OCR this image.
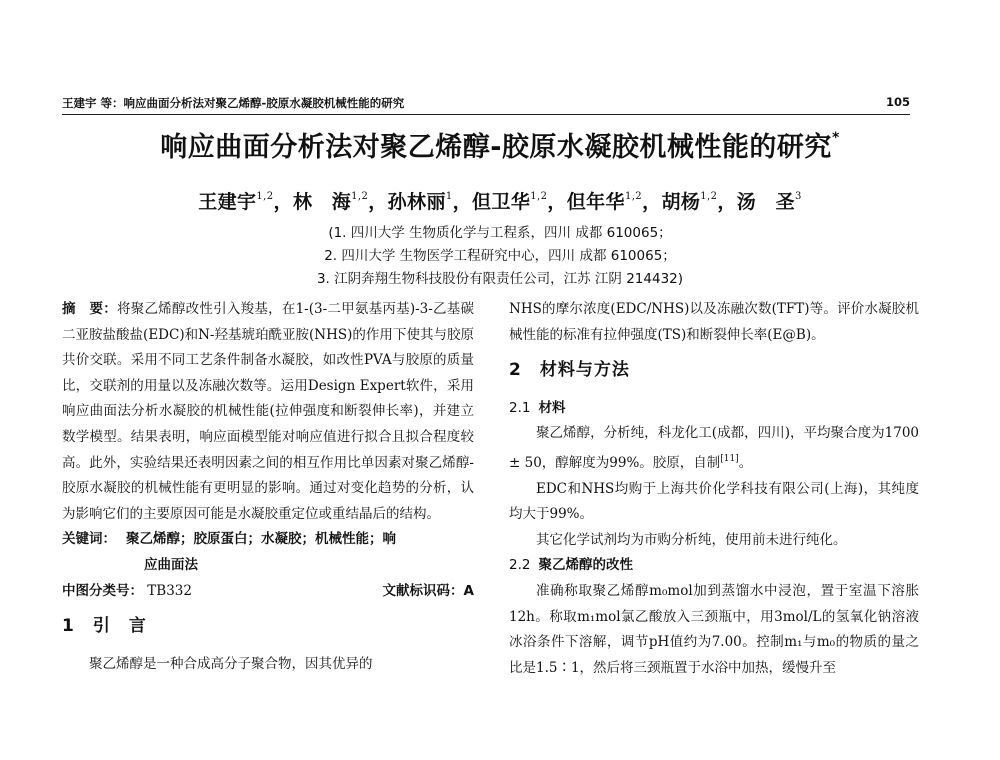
王建宇 等：响应曲面分析法对聚乙烯醇-胶原水凝胶机械性能的研究	105
响应曲面分析法对聚乙烯醇-胶原水凝胶机械性能的研究*
王建宇$^{1,2}$，林　海$^{1,2}$，孙林丽$^1$，但卫华$^{1,2}$，但年华$^{1,2}$，胡杨$^{1,2}$，汤　圣$^3$
(1. 四川大学 生物质化学与工程系，四川 成都 610065；
2. 四川大学 生物医学工程研究中心，四川 成都 610065；
3. 江阴奔翔生物科技股份有限责任公司，江苏 江阴 214432)

摘　要：将聚乙烯醇改性引入羧基，在1-(3-二甲氨基丙基)-3-乙基碳二亚胺盐酸盐(EDC)和N-羟基琥珀酰亚胺(NHS)的作用下使其与胶原共价交联。采用不同工艺条件制备水凝胶，如改性PVA与胶原的质量比，交联剂的用量以及冻融次数等。运用Design Expert软件，采用响应曲面法分析水凝胶的机械性能(拉伸强度和断裂伸长率)，并建立数学模型。结果表明，响应面模型能对响应值进行拟合且拟合程度较高。此外，实验结果还表明因素之间的相互作用比单因素对聚乙烯醇-胶原水凝胶的机械性能有更明显的影响。通过对变化趋势的分析，认为影响它们的主要原因可能是水凝胶重定位或重结晶后的结构。

关键词： 聚乙烯醇；胶原蛋白；水凝胶；机械性能；响

应曲面法

中图分类号： TB332	文献标识码：A

1　 引　言

聚乙烯醇是一种合成高分子聚合物，因其优异的

NHS的摩尔浓度(EDC/NHS)以及冻融次数(TFT)等。评价水凝胶机械性能的标准有拉伸强度(TS)和断裂伸长率(E@B)。

2　 材料与方法

2.1 材料

聚乙烯醇，分析纯，科龙化工(成都，四川)，平均聚合度为1700 ± 50，醇解度为99%。胶原，自制[11]。

EDC和NHS均购于上海共价化学科技有限公司(上海)，其纯度均大于99%。

其它化学试剂均为市购分析纯，使用前未进行纯化。

2.2 聚乙烯醇的改性

准确称取聚乙烯醇m₀mol加到蒸馏水中浸泡，置于室温下溶胀12h。称取m₁mol氯乙酸放入三颈瓶中，用3mol/L的氢氧化钠溶液冰浴条件下溶解，调节pH值约为7.00。控制m₁与m₀的物质的量之比是1.5∶1，然后将三颈瓶置于水浴中加热，缓慢升至
